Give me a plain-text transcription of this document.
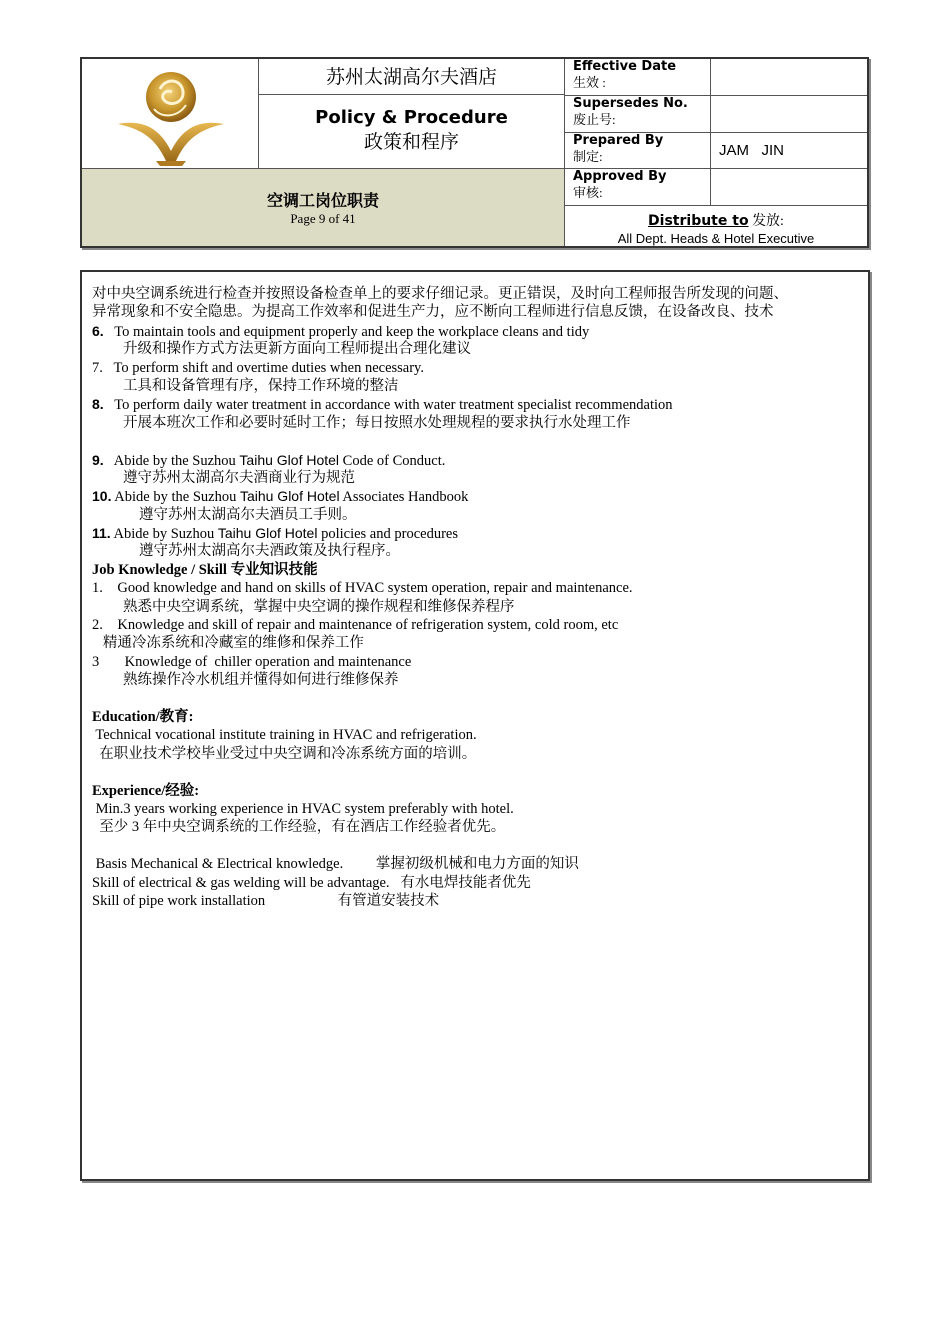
苏州太湖高尔夫酒店
Policy & Procedure
政策和程序
空调工岗位职责
Page 9 of 41
Effective Date
生效 :
Supersedes No.
废止号:
Prepared By
制定:	JAM   JIN
Approved By
审核:
Distribute to 发放:
All Dept. Heads & Hotel Executive
对中央空调系统进行检查并按照设备检查单上的要求仔细记录。更正错误，及时向工程师报告所发现的问题、
异常现象和不安全隐患。为提高工作效率和促进生产力，应不断向工程师进行信息反馈，在设备改良、技术
6.   To maintain tools and equipment properly and keep the workplace cleans and tidy
升级和操作方式方法更新方面向工程师提出合理化建议
7.   To perform shift and overtime duties when necessary.
工具和设备管理有序，保持工作环境的整洁
8.   To perform daily water treatment in accordance with water treatment specialist recommendation
开展本班次工作和必要时延时工作；每日按照水处理规程的要求执行水处理工作
9.   Abide by the Suzhou Taihu Glof Hotel Code of Conduct.
遵守苏州太湖高尔夫酒商业行为规范
10. Abide by the Suzhou Taihu Glof Hotel Associates Handbook
遵守苏州太湖高尔夫酒员工手则。
11. Abide by Suzhou Taihu Glof Hotel policies and procedures
遵守苏州太湖高尔夫酒政策及执行程序。
Job Knowledge / Skill 专业知识技能
1.    Good knowledge and hand on skills of HVAC system operation, repair and maintenance.
熟悉中央空调系统，掌握中央空调的操作规程和维修保养程序
2.    Knowledge and skill of repair and maintenance of refrigeration system, cold room, etc
精通冷冻系统和冷藏室的维修和保养工作
3       Knowledge of  chiller operation and maintenance
熟练操作冷水机组并懂得如何进行维修保养
Education/教育:
Technical vocational institute training in HVAC and refrigeration.
在职业技术学校毕业受过中央空调和冷冻系统方面的培训。
Experience/经验:
Min.3 years working experience in HVAC system preferably with hotel.
至少 3 年中央空调系统的工作经验，有在酒店工作经验者优先。
Basis Mechanical & Electrical knowledge.         掌握初级机械和电力方面的知识
Skill of electrical & gas welding will be advantage.   有水电焊技能者优先
Skill of pipe work installation                    有管道安装技术
